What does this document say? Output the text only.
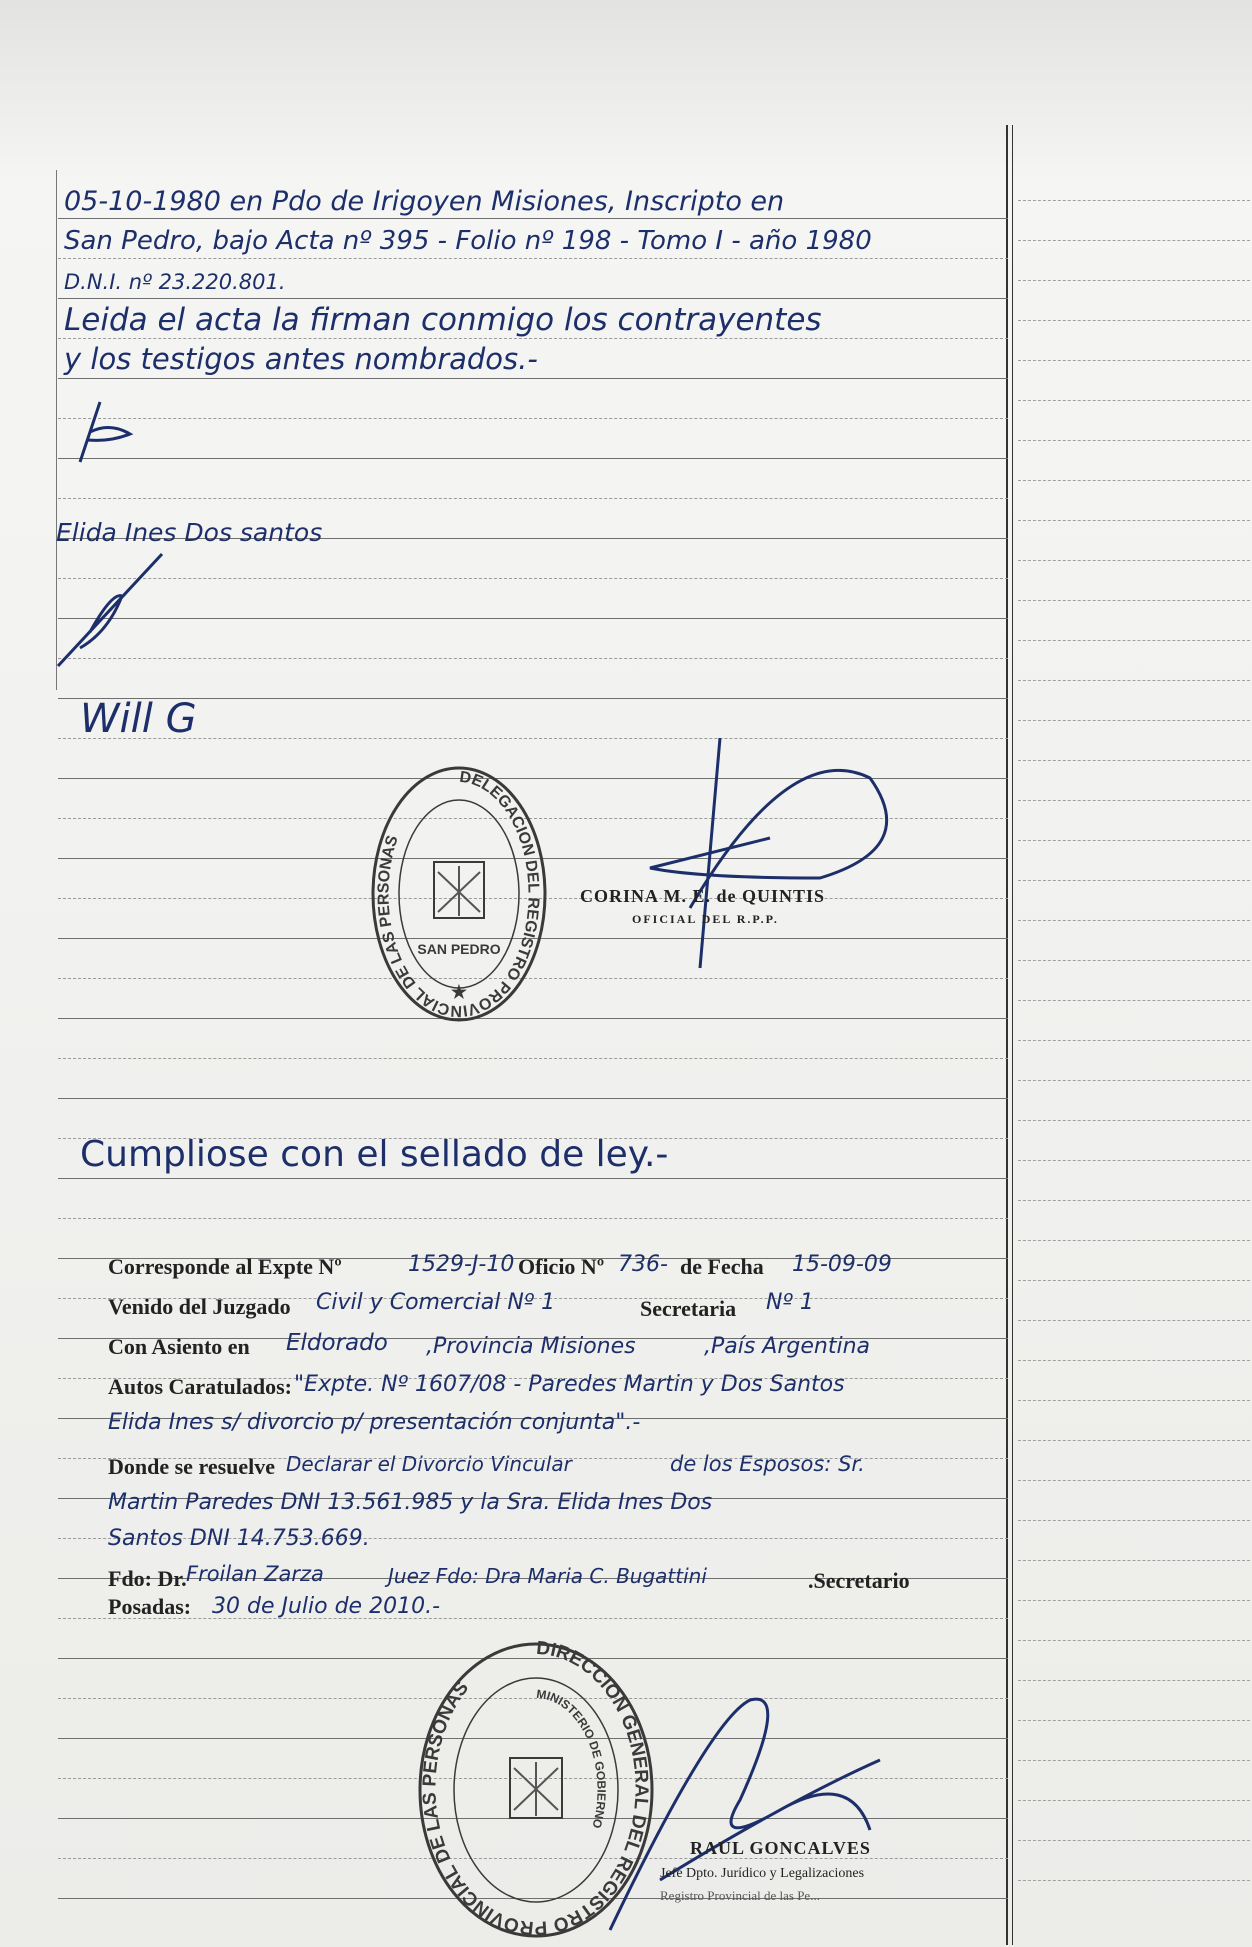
05-10-1980 en Pdo de Irigoyen Misiones, Inscripto en
San Pedro, bajo Acta nº 395 - Folio nº 198 - Tomo I - año 1980
D.N.I. nº 23.220.801.
Leida el acta la firman conmigo los contrayentes
y los testigos antes nombrados.-
Elida Ines Dos santos
Will G
DELEGACION DEL REGISTRO PROVINCIAL DE LAS PERSONAS
SAN PEDRO
★
CORINA M. E. de QUINTIS
OFICIAL DEL R.P.P.
Cumpliose con el sellado de ley.-
Corresponde al Expte Nº	1529-J-10 Oficio Nº 736- de Fecha 15-09-09
Venido del Juzgado Civil y Comercial Nº 1	Secretaria Nº 1
Con Asiento en Eldorado ,Provincia Misiones	,País Argentina
Autos Caratulados: "Expte. Nº 1607/08 - Paredes Martin y Dos Santos
Elida Ines s/ divorcio p/ presentación conjunta".-
Donde se resuelve Declarar el Divorcio Vincular	de los Esposos: Sr.
Martin Paredes DNI 13.561.985 y la Sra. Elida Ines Dos
Santos DNI 14.753.669.
Fdo: Dr. Froilan Zarza	Juez Fdo: Dra Maria C. Bugattini	.Secretario
Posadas: 30 de Julio de 2010.-
DIRECCION GENERAL DEL REGISTRO PROVINCIAL DE LAS PERSONAS	MINISTERIO DE GOBIERNO
RAUL GONCALVES
Jefe Dpto. Jurídico y Legalizaciones
Registro Provincial de las Pe...
